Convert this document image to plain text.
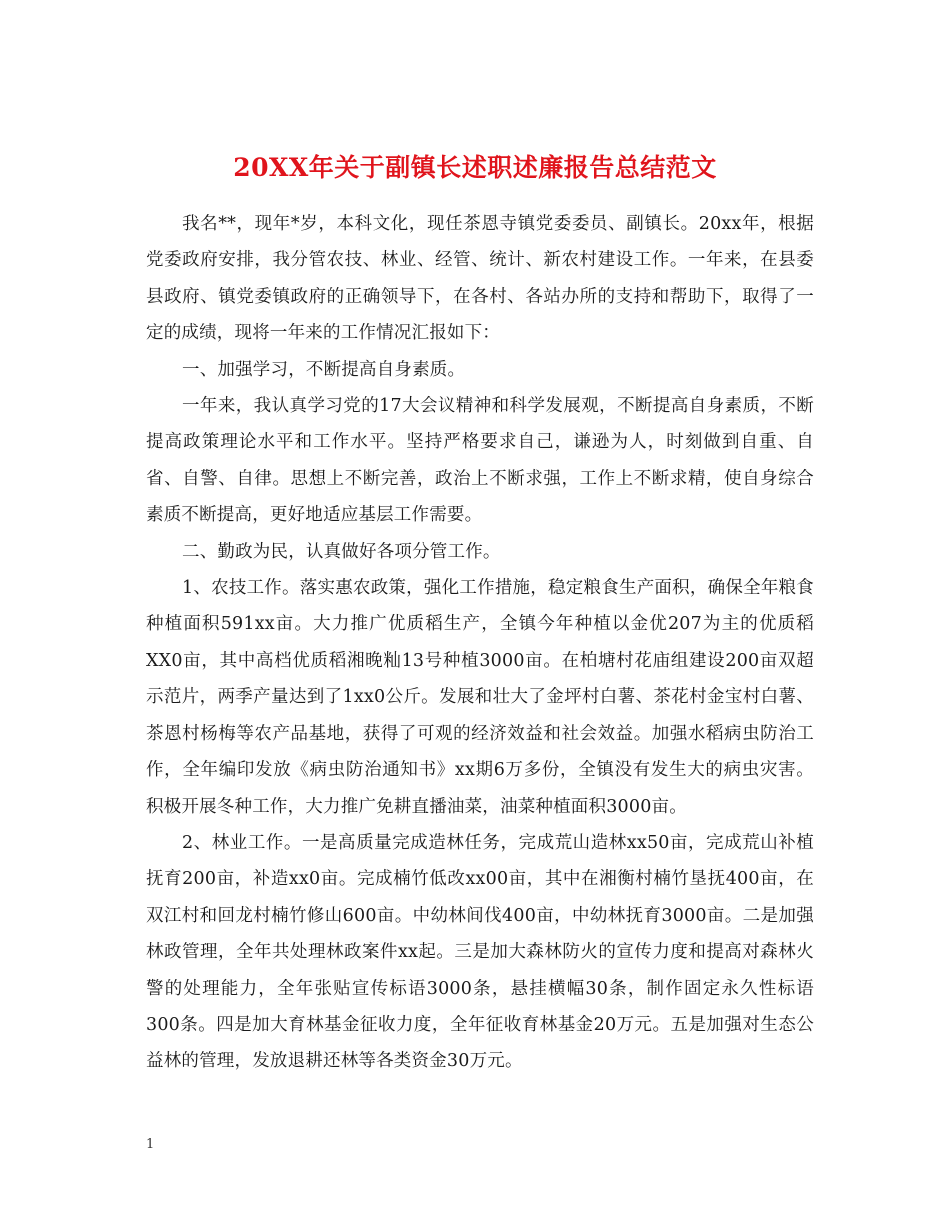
20XX年关于副镇长述职述廉报告总结范文

我名**，现年*岁，本科文化，现任茶恩寺镇党委委员、副镇长。20xx年，根据党委政府安排，我分管农技、林业、经管、统计、新农村建设工作。一年来，在县委县政府、镇党委镇政府的正确领导下，在各村、各站办所的支持和帮助下，取得了一定的成绩，现将一年来的工作情况汇报如下：

一、加强学习，不断提高自身素质。

一年来，我认真学习党的17大会议精神和科学发展观，不断提高自身素质，不断提高政策理论水平和工作水平。坚持严格要求自己，谦逊为人，时刻做到自重、自省、自警、自律。思想上不断完善，政治上不断求强，工作上不断求精，使自身综合素质不断提高，更好地适应基层工作需要。

二、勤政为民，认真做好各项分管工作。

1、农技工作。落实惠农政策，强化工作措施，稳定粮食生产面积，确保全年粮食种植面积591xx亩。大力推广优质稻生产，全镇今年种植以金优207为主的优质稻XX0亩，其中高档优质稻湘晚籼13号种植3000亩。在柏塘村花庙组建设200亩双超示范片，两季产量达到了1xx0公斤。发展和壮大了金坪村白薯、茶花村金宝村白薯、茶恩村杨梅等农产品基地，获得了可观的经济效益和社会效益。加强水稻病虫防治工作，全年编印发放《病虫防治通知书》xx期6万多份，全镇没有发生大的病虫灾害。积极开展冬种工作，大力推广免耕直播油菜，油菜种植面积3000亩。

2、林业工作。一是高质量完成造林任务，完成荒山造林xx50亩，完成荒山补植抚育200亩，补造xx0亩。完成楠竹低改xx00亩，其中在湘衡村楠竹垦抚400亩，在双江村和回龙村楠竹修山600亩。中幼林间伐400亩，中幼林抚育3000亩。二是加强林政管理，全年共处理林政案件xx起。三是加大森林防火的宣传力度和提高对森林火警的处理能力，全年张贴宣传标语3000条，悬挂横幅30条，制作固定永久性标语300条。四是加大育林基金征收力度，全年征收育林基金20万元。五是加强对生态公益林的管理，发放退耕还林等各类资金30万元。

1
